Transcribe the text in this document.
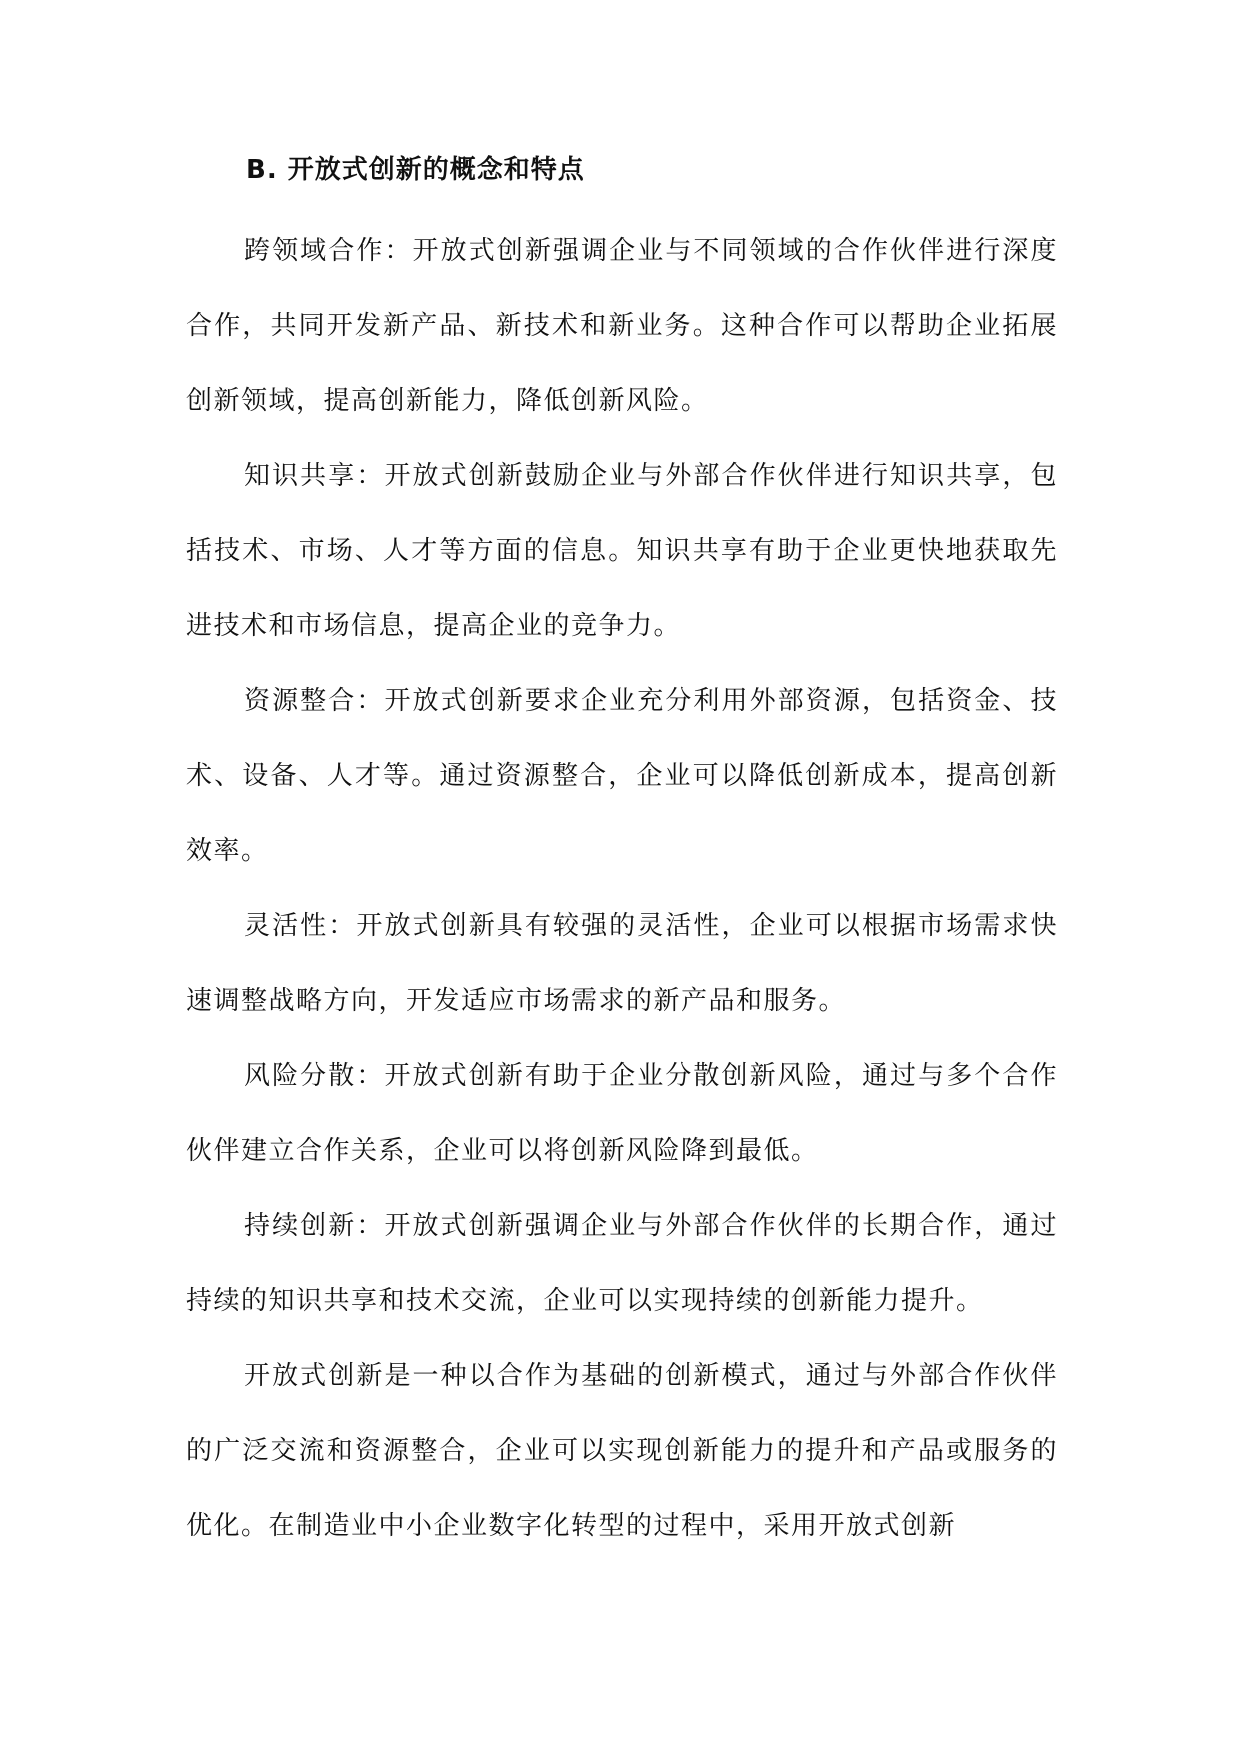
B. 开放式创新的概念和特点

跨领域合作：开放式创新强调企业与不同领域的合作伙伴进行深度合作，共同开发新产品、新技术和新业务。这种合作可以帮助企业拓展创新领域，提高创新能力，降低创新风险。

知识共享：开放式创新鼓励企业与外部合作伙伴进行知识共享，包括技术、市场、人才等方面的信息。知识共享有助于企业更快地获取先进技术和市场信息，提高企业的竞争力。

资源整合：开放式创新要求企业充分利用外部资源，包括资金、技术、设备、人才等。通过资源整合，企业可以降低创新成本，提高创新效率。

灵活性：开放式创新具有较强的灵活性，企业可以根据市场需求快速调整战略方向，开发适应市场需求的新产品和服务。

风险分散：开放式创新有助于企业分散创新风险，通过与多个合作伙伴建立合作关系，企业可以将创新风险降到最低。

持续创新：开放式创新强调企业与外部合作伙伴的长期合作，通过持续的知识共享和技术交流，企业可以实现持续的创新能力提升。

开放式创新是一种以合作为基础的创新模式，通过与外部合作伙伴的广泛交流和资源整合，企业可以实现创新能力的提升和产品或服务的优化。在制造业中小企业数字化转型的过程中，采用开放式创新
